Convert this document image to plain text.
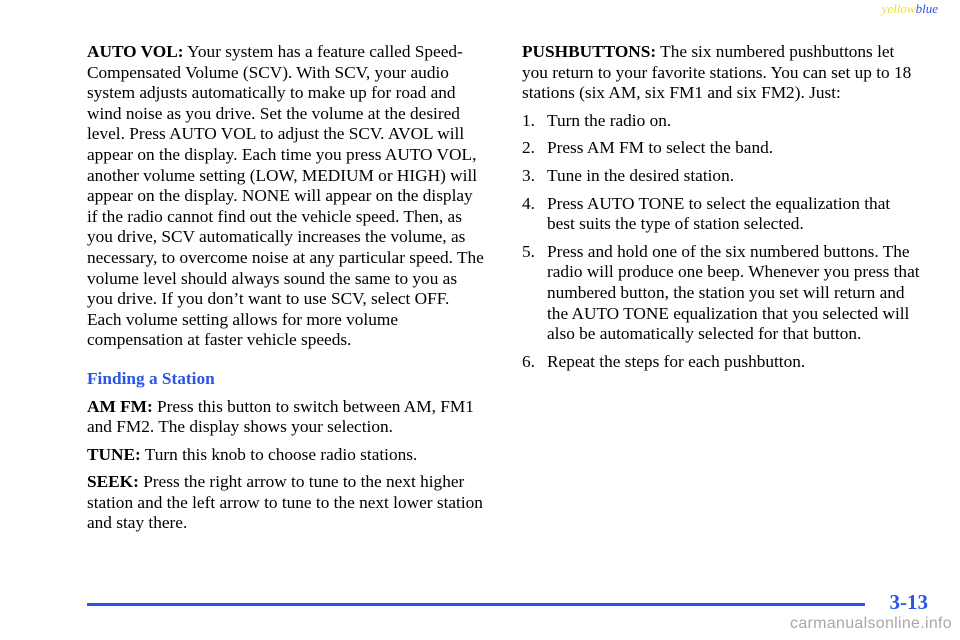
yellowblue

AUTO VOL: Your system has a feature called Speed-Compensated Volume (SCV). With SCV, your audio system adjusts automatically to make up for road and wind noise as you drive. Set the volume at the desired level. Press AUTO VOL to adjust the SCV. AVOL will appear on the display. Each time you press AUTO VOL, another volume setting (LOW, MEDIUM or HIGH) will appear on the display. NONE will appear on the display if the radio cannot find out the vehicle speed. Then, as you drive, SCV automatically increases the volume, as necessary, to overcome noise at any particular speed. The volume level should always sound the same to you as you drive. If you don’t want to use SCV, select OFF. Each volume setting allows for more volume compensation at faster vehicle speeds.

Finding a Station

AM FM: Press this button to switch between AM, FM1 and FM2. The display shows your selection.

TUNE: Turn this knob to choose radio stations.

SEEK: Press the right arrow to tune to the next higher station and the left arrow to tune to the next lower station and stay there.

PUSHBUTTONS: The six numbered pushbuttons let you return to your favorite stations. You can set up to 18 stations (six AM, six FM1 and six FM2). Just:

1. Turn the radio on.
2. Press AM FM to select the band.
3. Tune in the desired station.
4. Press AUTO TONE to select the equalization that best suits the type of station selected.
5. Press and hold one of the six numbered buttons. The radio will produce one beep. Whenever you press that numbered button, the station you set will return and the AUTO TONE equalization that you selected will also be automatically selected for that button.
6. Repeat the steps for each pushbutton.
3-13
carmanualsonline.info
